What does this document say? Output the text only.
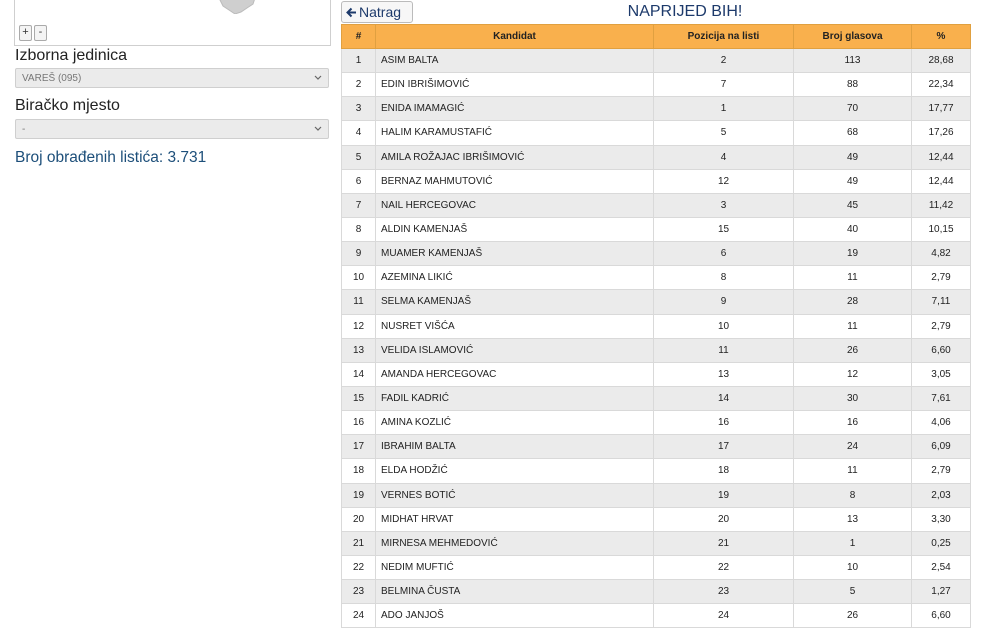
+ -
Izborna jedinica
VAREŠ (095)
Biračko mjesto
-
Broj obrađenih listića: 3.731
Natrag	NAPRIJED BIH!
#	Kandidat	Pozicija na listi	Broj glasova	%
1	ASIM BALTA	2	113	28,68
2	EDIN IBRIŠIMOVIĆ	7	88	22,34
3	ENIDA IMAMAGIĆ	1	70	17,77
4	HALIM KARAMUSTAFIĆ	5	68	17,26
5	AMILA ROŽAJAC IBRIŠIMOVIĆ	4	49	12,44
6	BERNAZ MAHMUTOVIĆ	12	49	12,44
7	NAIL HERCEGOVAC	3	45	11,42
8	ALDIN KAMENJAŠ	15	40	10,15
9	MUAMER KAMENJAŠ	6	19	4,82
10	AZEMINA LIKIĆ	8	11	2,79
11	SELMA KAMENJAŠ	9	28	7,11
12	NUSRET VIŠĆA	10	11	2,79
13	VELIDA ISLAMOVIĆ	11	26	6,60
14	AMANDA HERCEGOVAC	13	12	3,05
15	FADIL KADRIĆ	14	30	7,61
16	AMINA KOZLIĆ	16	16	4,06
17	IBRAHIM BALTA	17	24	6,09
18	ELDA HODŽIĆ	18	11	2,79
19	VERNES BOTIĆ	19	8	2,03
20	MIDHAT HRVAT	20	13	3,30
21	MIRNESA MEHMEDOVIĆ	21	1	0,25
22	NEDIM MUFTIĆ	22	10	2,54
23	BELMINA ČUSTA	23	5	1,27
24	ADO JANJOŠ	24	26	6,60
